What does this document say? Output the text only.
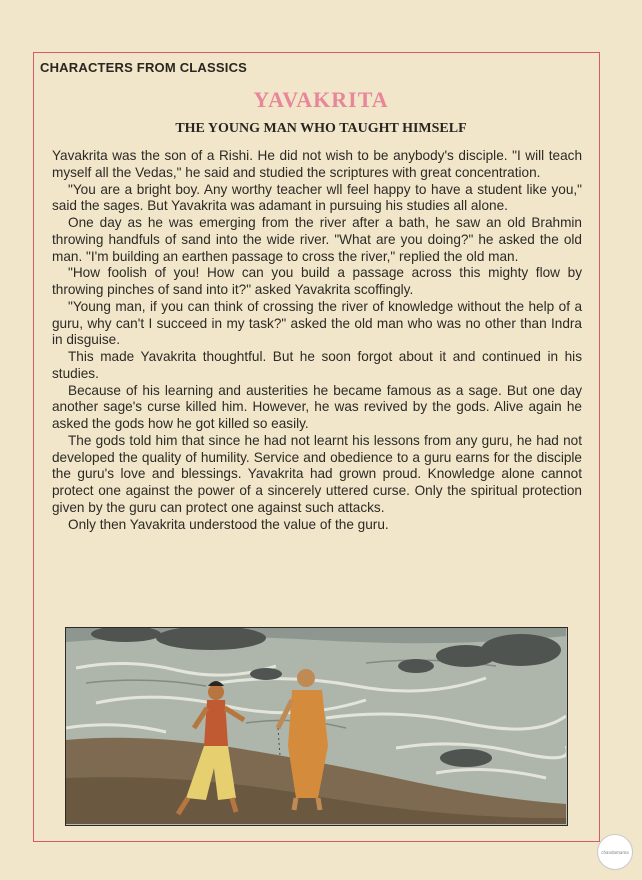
CHARACTERS FROM CLASSICS
YAVAKRITA
THE YOUNG MAN WHO TAUGHT HIMSELF

Yavakrita was the son of a Rishi. He did not wish to be anybody's disciple. "I will teach myself all the Vedas," he said and studied the scriptures with great concentration.

"You are a bright boy. Any worthy teacher wll feel happy to have a student like you," said the sages. But Yavakrita was adamant in pursuing his studies all alone.

One day as he was emerging from the river after a bath, he saw an old Brahmin throwing handfuls of sand into the wide river. "What are you doing?" he asked the old man. "I'm building an earthen passage to cross the river," replied the old man.

"How foolish of you! How can you build a passage across this mighty flow by throwing pinches of sand into it?" asked Yavakrita scoffingly.

"Young man, if you can think of crossing the river of knowledge without the help of a guru, why can't I succeed in my task?" asked the old man who was no other than Indra in disguise.

This made Yavakrita thoughtful. But he soon forgot about it and continued in his studies.

Because of his learning and austerities he became famous as a sage. But one day another sage's curse killed him. However, he was revived by the gods. Alive again he asked the gods how he got killed so easily.

The gods told him that since he had not learnt his lessons from any guru, he had not developed the quality of humility. Service and obedience to a guru earns for the disciple the guru's love and blessings. Yavakrita had grown proud. Knowledge alone cannot protect one against the power of a sincerely uttered curse. Only the spiritual protection given by the guru can protect one against such attacks.

Only then Yavakrita understood the value of the guru.

chandamama
